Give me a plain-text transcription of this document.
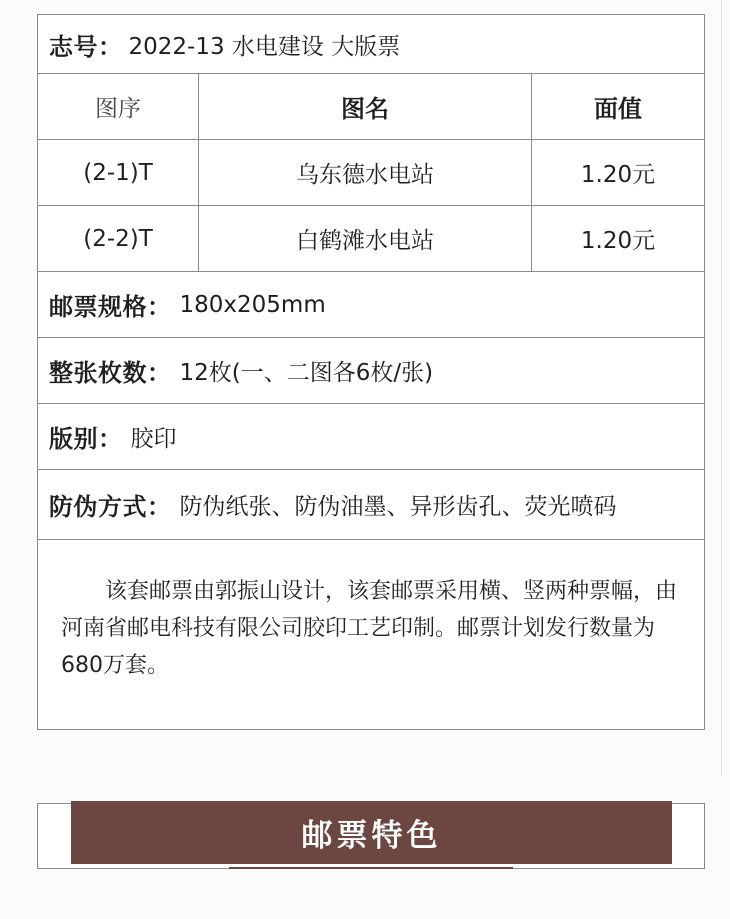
志号： 2022-13 水电建设 大版票
图序	图名	面值
(2-1)T	乌东德水电站	1.20元
(2-2)T	白鹤滩水电站	1.20元
邮票规格： 180x205mm
整张枚数： 12枚(一、二图各6枚/张)
版别： 胶印
防伪方式： 防伪纸张、防伪油墨、异形齿孔、荧光喷码
该套邮票由郭振山设计，该套邮票采用横、竖两种票幅，由河南省邮电科技有限公司胶印工艺印制。邮票计划发行数量为680万套。
邮票特色
